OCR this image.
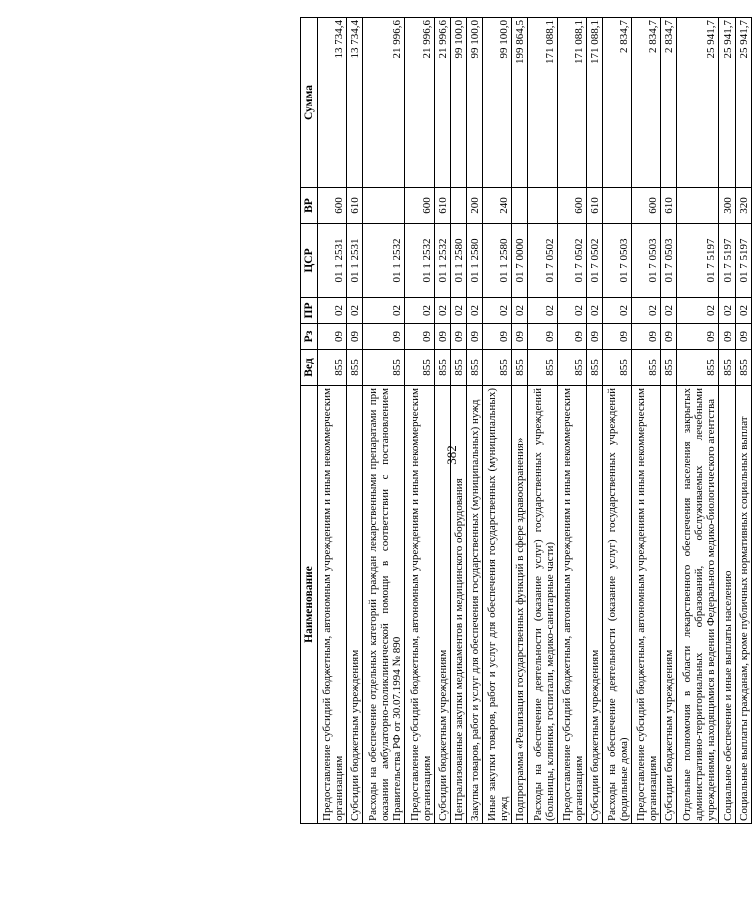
382
Наименование	Вед	Рз	ПР	ЦСР	ВР	Сумма
Предоставление субсидий бюджетным, автономным учреждениям и иным некоммерческим организациям	855	09	02	01 1 2531	600	13 734,4
Субсидии бюджетным учреждениям	855	09	02	01 1 2531	610	13 734,4
Расходы на обеспечение отдельных категорий граждан лекарственными препаратами при оказании амбулаторно-поликлинической помощи в соответствии с постановлением Правительства РФ от 30.07.1994 № 890	855	09	02	01 1 2532		21 996,6
Предоставление субсидий бюджетным, автономным учреждениям и иным некоммерческим организациям	855	09	02	01 1 2532	600	21 996,6
Субсидии бюджетным учреждениям	855	09	02	01 1 2532	610	21 996,6
Централизованные закупки медикаментов и медицинского оборудования	855	09	02	01 1 2580		99 100,0
Закупка товаров, работ и услуг для обеспечения государственных (муниципальных) нужд	855	09	02	01 1 2580	200	99 100,0
Иные закупки товаров, работ и услуг для обеспечения государственных (муниципальных) нужд	855	09	02	01 1 2580	240	99 100,0
Подпрограмма «Реализация государственных функций в сфере здравоохранения»	855	09	02	01 7 0000		199 864,5
Расходы на обеспечение деятельности (оказание услуг) государственных учреждений (больницы, клиники, госпитали, медико-санитарные части)	855	09	02	01 7 0502		171 088,1
Предоставление субсидий бюджетным, автономным учреждениям и иным некоммерческим организациям	855	09	02	01 7 0502	600	171 088,1
Субсидии бюджетным учреждениям	855	09	02	01 7 0502	610	171 088,1
Расходы на обеспечение деятельности (оказание услуг) государственных учреждений (родильные дома)	855	09	02	01 7 0503		2 834,7
Предоставление субсидий бюджетным, автономным учреждениям и иным некоммерческим организациям	855	09	02	01 7 0503	600	2 834,7
Субсидии бюджетным учреждениям	855	09	02	01 7 0503	610	2 834,7
Отдельные полномочия в области лекарственного обеспечения населения закрытых административно-территориальных образований, обслуживаемых лечебными учреждениями, находящимися в ведении Федерального медико-биологического агентства	855	09	02	01 7 5197		25 941,7
Социальное обеспечение и иные выплаты населению	855	09	02	01 7 5197	300	25 941,7
Социальные выплаты гражданам, кроме публичных нормативных социальных выплат	855	09	02	01 7 5197	320	25 941,7
